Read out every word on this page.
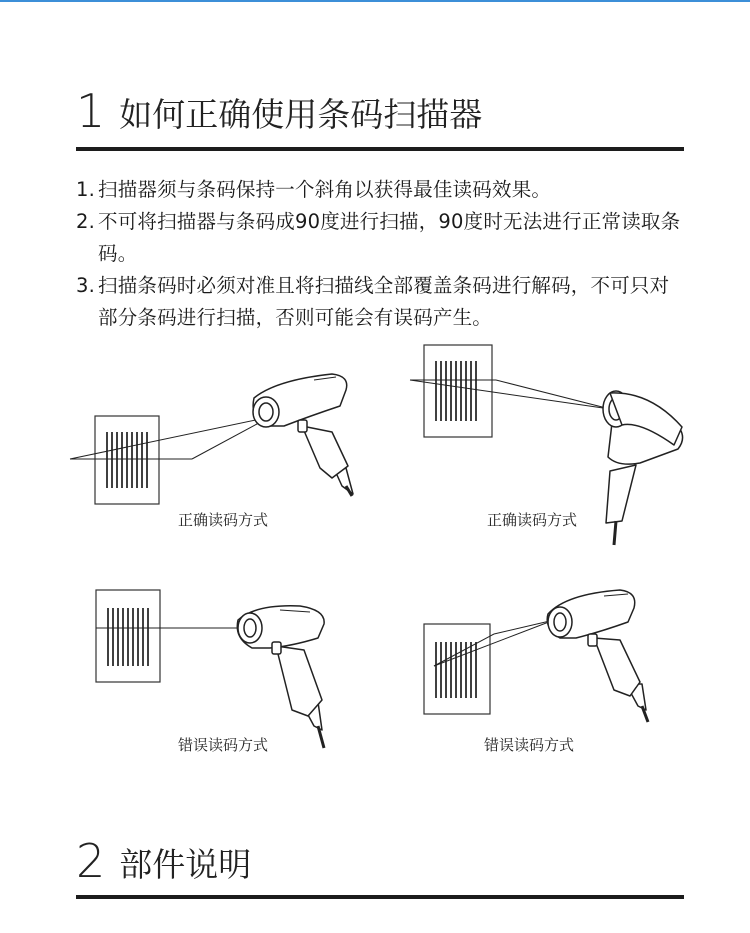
1 如何正确使用条码扫描器
1. 扫描器须与条码保持一个斜角以获得最佳读码效果。
2. 不可将扫描器与条码成90度进行扫描，90度时无法进行正常读取条码。
3. 扫描条码时必须对准且将扫描线全部覆盖条码进行解码，不可只对部分条码进行扫描，否则可能会有误码产生。
正确读码方式	正确读码方式
错误读码方式	错误读码方式
2 部件说明
